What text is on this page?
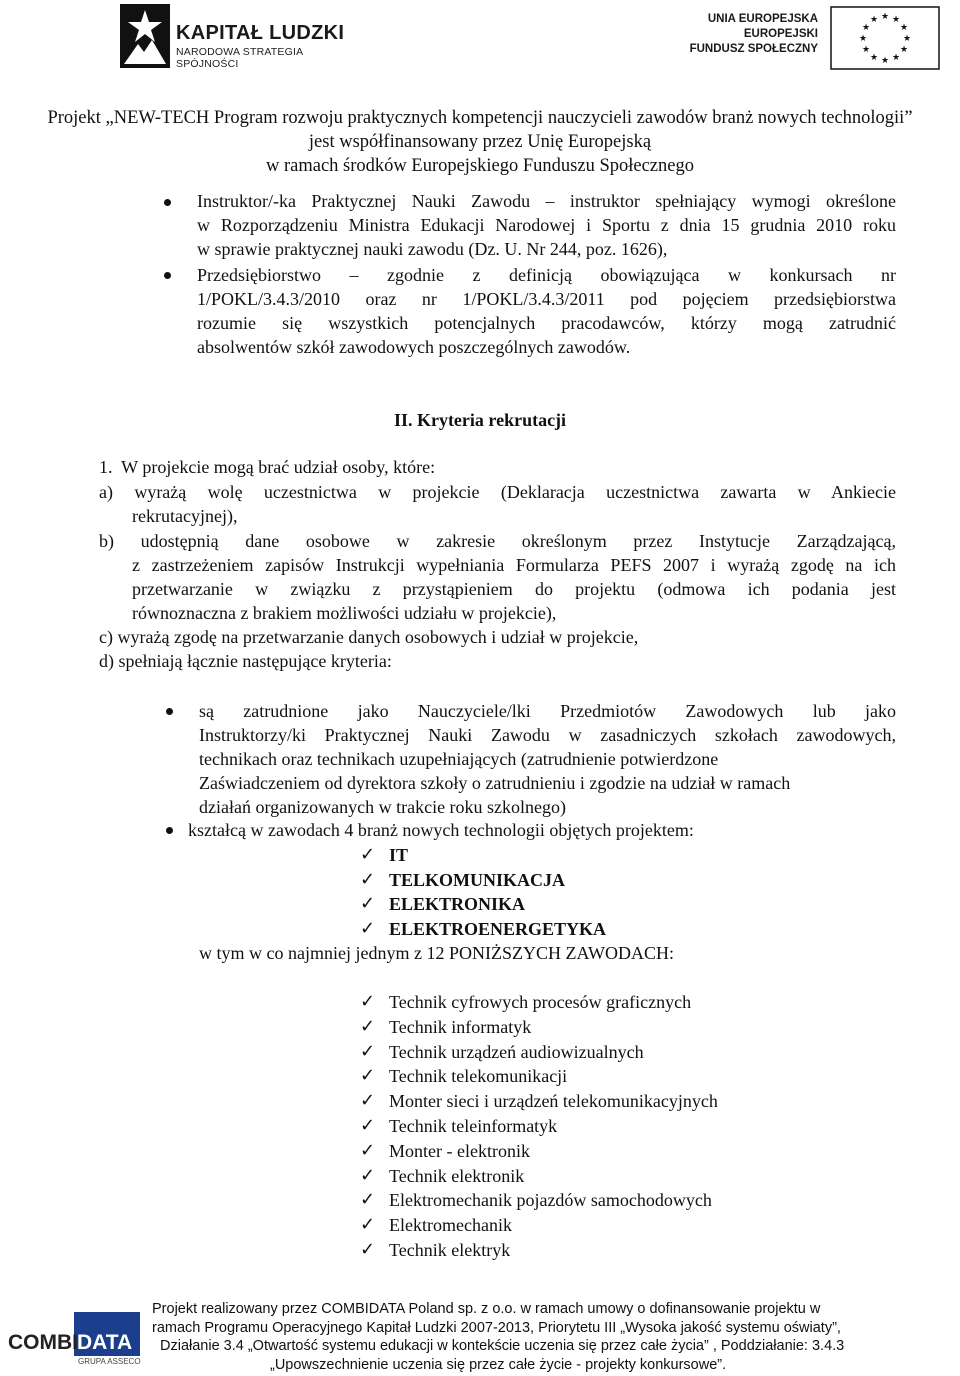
KAPITAŁ LUDZKI
NARODOWA STRATEGIA SPÓJNOŚCI
UNIA EUROPEJSKA
EUROPEJSKI
FUNDUSZ SPOŁECZNY
★ ★
★
★
★
★
★
★
★
★
★
★
Projekt „NEW-TECH Program rozwoju praktycznych kompetencji nauczycieli zawodów branż nowych technologii”
jest współfinansowany przez Unię Europejską
w ramach środków Europejskiego Funduszu Społecznego
Instruktor/-ka Praktycznej Nauki Zawodu – instruktor spełniający wymogi określone
w Rozporządzeniu Ministra Edukacji Narodowej i Sportu z dnia 15 grudnia 2010 roku
w sprawie praktycznej nauki zawodu (Dz. U. Nr 244, poz. 1626),
Przedsiębiorstwo – zgodnie z definicją obowiązująca w konkursach nr
1/POKL/3.4.3/2010 oraz nr 1/POKL/3.4.3/2011 pod pojęciem przedsiębiorstwa
rozumie się wszystkich potencjalnych pracodawców, którzy mogą zatrudnić
absolwentów szkół zawodowych poszczególnych zawodów.
II. Kryteria rekrutacji
1.  W projekcie mogą brać udział osoby, które:
a) wyrażą wolę uczestnictwa w projekcie (Deklaracja uczestnictwa zawarta w Ankiecie
rekrutacyjnej),
b) udostępnią dane osobowe w zakresie określonym przez Instytucje Zarządzającą,
z zastrzeżeniem zapisów Instrukcji wypełniania Formularza PEFS 2007 i wyrażą zgodę na ich
przetwarzanie w związku z przystąpieniem do projektu (odmowa ich podania jest
równoznaczna z brakiem możliwości udziału w projekcie),
c) wyrażą zgodę na przetwarzanie danych osobowych i udział w projekcie,
d) spełniają łącznie następujące kryteria:
są zatrudnione jako Nauczyciele/lki Przedmiotów Zawodowych lub jako
Instruktorzy/ki Praktycznej Nauki Zawodu w zasadniczych szkołach zawodowych,
technikach oraz technikach uzupełniających (zatrudnienie potwierdzone
Zaświadczeniem od dyrektora szkoły o zatrudnieniu i zgodzie na udział w ramach
działań organizowanych w trakcie roku szkolnego)
kształcą w zawodach 4 branż nowych technologii objętych projektem:
✓ IT
✓ TELKOMUNIKACJA
✓ ELEKTRONIKA
✓ ELEKTROENERGETYKA
w tym w co najmniej jednym z 12 PONIŻSZYCH ZAWODACH:
✓ Technik cyfrowych procesów graficznych
✓ Technik informatyk
✓ Technik urządzeń audiowizualnych
✓ Technik telekomunikacji
✓ Monter sieci i urządzeń telekomunikacyjnych
✓ Technik teleinformatyk
✓ Monter - elektronik
✓ Technik elektronik
✓ Elektromechanik pojazdów samochodowych
✓ Elektromechanik
✓ Technik elektryk
COMBI DATA
GRUPA ASSECO
Projekt realizowany przez COMBIDATA Poland sp. z o.o. w ramach umowy o dofinansowanie projektu w
ramach Programu Operacyjnego Kapitał Ludzki 2007-2013, Priorytetu III „Wysoka jakość systemu oświaty”,
Działanie 3.4 „Otwartość systemu edukacji w kontekście uczenia się przez całe życia” , Poddziałanie: 3.4.3
„Upowszechnienie uczenia się przez całe życie - projekty konkursowe”.
